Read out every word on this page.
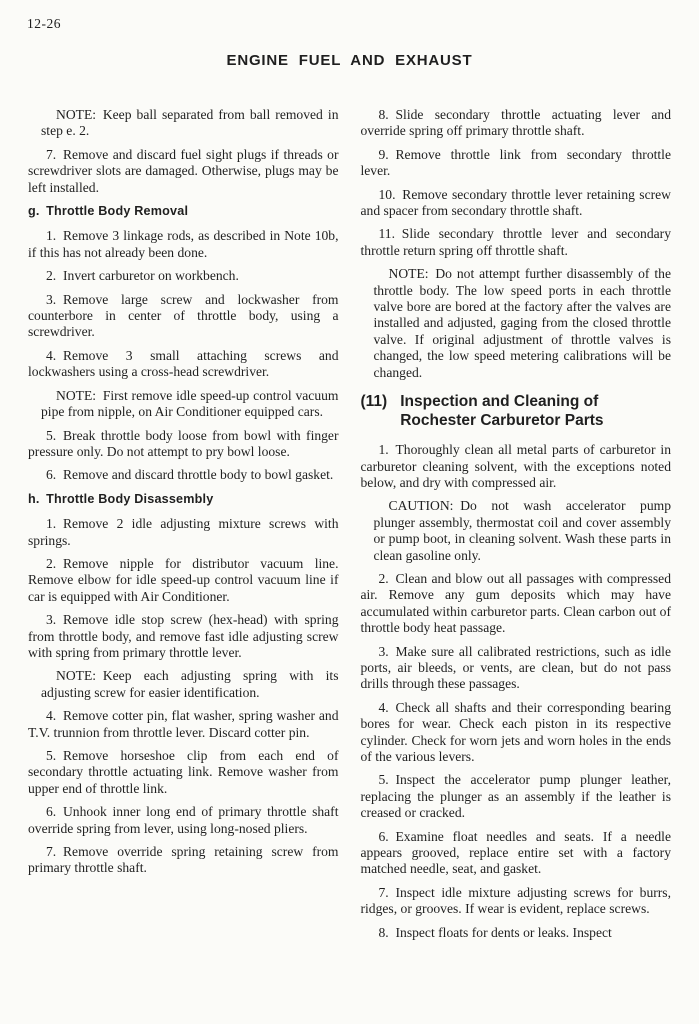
12-26
ENGINE FUEL AND EXHAUST

NOTE: Keep ball separated from ball removed in step e. 2.

7. Remove and discard fuel sight plugs if threads or screwdriver slots are damaged. Otherwise, plugs may be left installed.

g. Throttle Body Removal

1. Remove 3 linkage rods, as described in Note 10b, if this has not already been done.

2. Invert carburetor on workbench.

3. Remove large screw and lockwasher from counterbore in center of throttle body, using a screwdriver.

4. Remove 3 small attaching screws and lockwashers using a cross-head screwdriver.

NOTE: First remove idle speed-up control vacuum pipe from nipple, on Air Conditioner equipped cars.

5. Break throttle body loose from bowl with finger pressure only. Do not attempt to pry bowl loose.

6. Remove and discard throttle body to bowl gasket.

h. Throttle Body Disassembly

1. Remove 2 idle adjusting mixture screws with springs.

2. Remove nipple for distributor vacuum line. Remove elbow for idle speed-up control vacuum line if car is equipped with Air Conditioner.

3. Remove idle stop screw (hex-head) with spring from throttle body, and remove fast idle adjusting screw with spring from primary throttle lever.

NOTE: Keep each adjusting spring with its adjusting screw for easier identification.

4. Remove cotter pin, flat washer, spring washer and T.V. trunnion from throttle lever. Discard cotter pin.

5. Remove horseshoe clip from each end of secondary throttle actuating link. Remove washer from upper end of throttle link.

6. Unhook inner long end of primary throttle shaft override spring from lever, using long-nosed pliers.

7. Remove override spring retaining screw from primary throttle shaft.

8. Slide secondary throttle actuating lever and override spring off primary throttle shaft.

9. Remove throttle link from secondary throttle lever.

10. Remove secondary throttle lever retaining screw and spacer from secondary throttle shaft.

11. Slide secondary throttle lever and secondary throttle return spring off throttle shaft.

NOTE: Do not attempt further disassembly of the throttle body. The low speed ports in each throttle valve bore are bored at the factory after the valves are installed and adjusted, gaging from the closed throttle valve. If original adjustment of throttle valves is changed, the low speed metering calibrations will be changed.

(11) Inspection and Cleaning of Rochester Carburetor Parts

1. Thoroughly clean all metal parts of carburetor in carburetor cleaning solvent, with the exceptions noted below, and dry with compressed air.

CAUTION: Do not wash accelerator pump plunger assembly, thermostat coil and cover assembly or pump boot, in cleaning solvent. Wash these parts in clean gasoline only.

2. Clean and blow out all passages with compressed air. Remove any gum deposits which may have accumulated within carburetor parts. Clean carbon out of throttle body heat passage.

3. Make sure all calibrated restrictions, such as idle ports, air bleeds, or vents, are clean, but do not pass drills through these passages.

4. Check all shafts and their corresponding bearing bores for wear. Check each piston in its respective cylinder. Check for worn jets and worn holes in the ends of the various levers.

5. Inspect the accelerator pump plunger leather, replacing the plunger as an assembly if the leather is creased or cracked.

6. Examine float needles and seats. If a needle appears grooved, replace entire set with a factory matched needle, seat, and gasket.

7. Inspect idle mixture adjusting screws for burrs, ridges, or grooves. If wear is evident, replace screws.

8. Inspect floats for dents or leaks. Inspect
